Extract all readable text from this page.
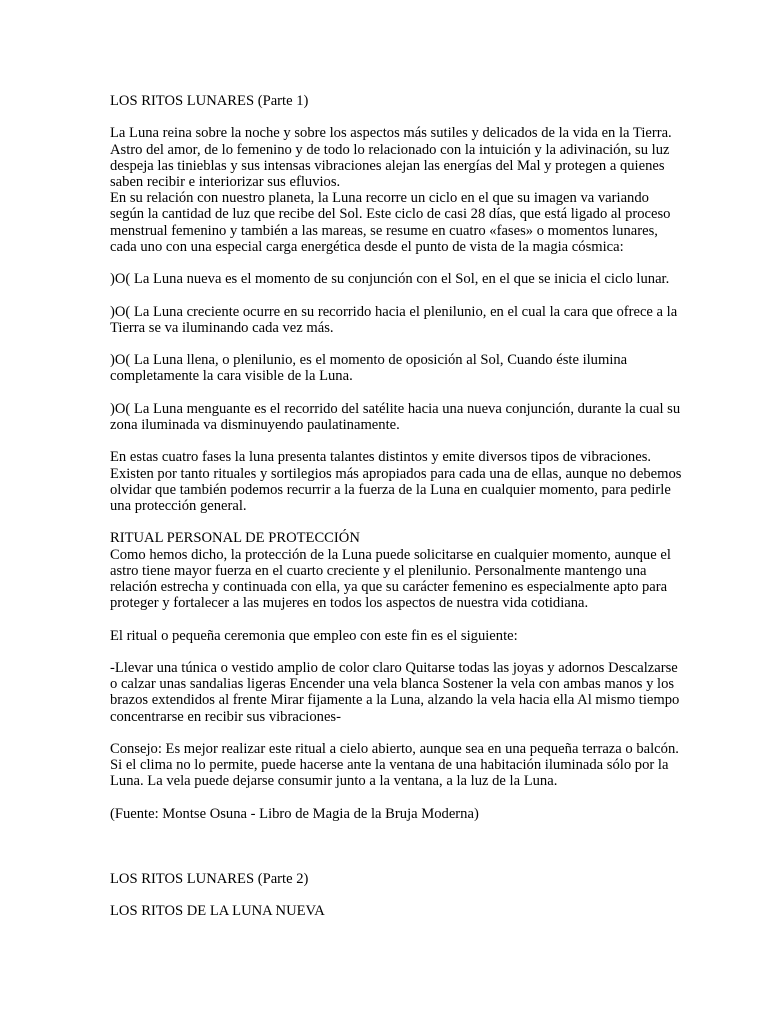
LOS RITOS LUNARES (Parte 1)
La Luna reina sobre la noche y sobre los aspectos más sutiles y delicados de la vida en la Tierra.
Astro del amor, de lo femenino y de todo lo relacionado con la intuición y la adivinación, su luz
despeja las tinieblas y sus intensas vibraciones alejan las energías del Mal y protegen a quienes
saben recibir e interiorizar sus efluvios.
En su relación con nuestro planeta, la Luna recorre un ciclo en el que su imagen va variando
según la cantidad de luz que recibe del Sol. Este ciclo de casi 28 días, que está ligado al proceso
menstrual femenino y también a las mareas, se resume en cuatro «fases» o momentos lunares,
cada uno con una especial carga energética desde el punto de vista de la magia cósmica:
)O( La Luna nueva es el momento de su conjunción con el Sol, en el que se inicia el ciclo lunar.
)O( La Luna creciente ocurre en su recorrido hacia el plenilunio, en el cual la cara que ofrece a la
Tierra se va iluminando cada vez más.
)O( La Luna llena, o plenilunio, es el momento de oposición al Sol, Cuando éste ilumina
completamente la cara visible de la Luna.
)O( La Luna menguante es el recorrido del satélite hacia una nueva conjunción, durante la cual su
zona iluminada va disminuyendo paulatinamente.
En estas cuatro fases la luna presenta talantes distintos y emite diversos tipos de vibraciones.
Existen por tanto rituales y sortilegios más apropiados para cada una de ellas, aunque no debemos
olvidar que también podemos recurrir a la fuerza de la Luna en cualquier momento, para pedirle
una protección general.
RITUAL PERSONAL DE PROTECCIÓN
Como hemos dicho, la protección de la Luna puede solicitarse en cualquier momento, aunque el
astro tiene mayor fuerza en el cuarto creciente y el plenilunio. Personalmente mantengo una
relación estrecha y continuada con ella, ya que su carácter femenino es especialmente apto para
proteger y fortalecer a las mujeres en todos los aspectos de nuestra vida cotidiana.
El ritual o pequeña ceremonia que empleo con este fin es el siguiente:
-Llevar una túnica o vestido amplio de color claro Quitarse todas las joyas y adornos Descalzarse
o calzar unas sandalias ligeras Encender una vela blanca Sostener la vela con ambas manos y los
brazos extendidos al frente Mirar fijamente a la Luna, alzando la vela hacia ella Al mismo tiempo
concentrarse en recibir sus vibraciones-
Consejo: Es mejor realizar este ritual a cielo abierto, aunque sea en una pequeña terraza o balcón.
Si el clima no lo permite, puede hacerse ante la ventana de una habitación iluminada sólo por la
Luna. La vela puede dejarse consumir junto a la ventana, a la luz de la Luna.
(Fuente: Montse Osuna - Libro de Magia de la Bruja Moderna)
LOS RITOS LUNARES (Parte 2)
LOS RITOS DE LA LUNA NUEVA
